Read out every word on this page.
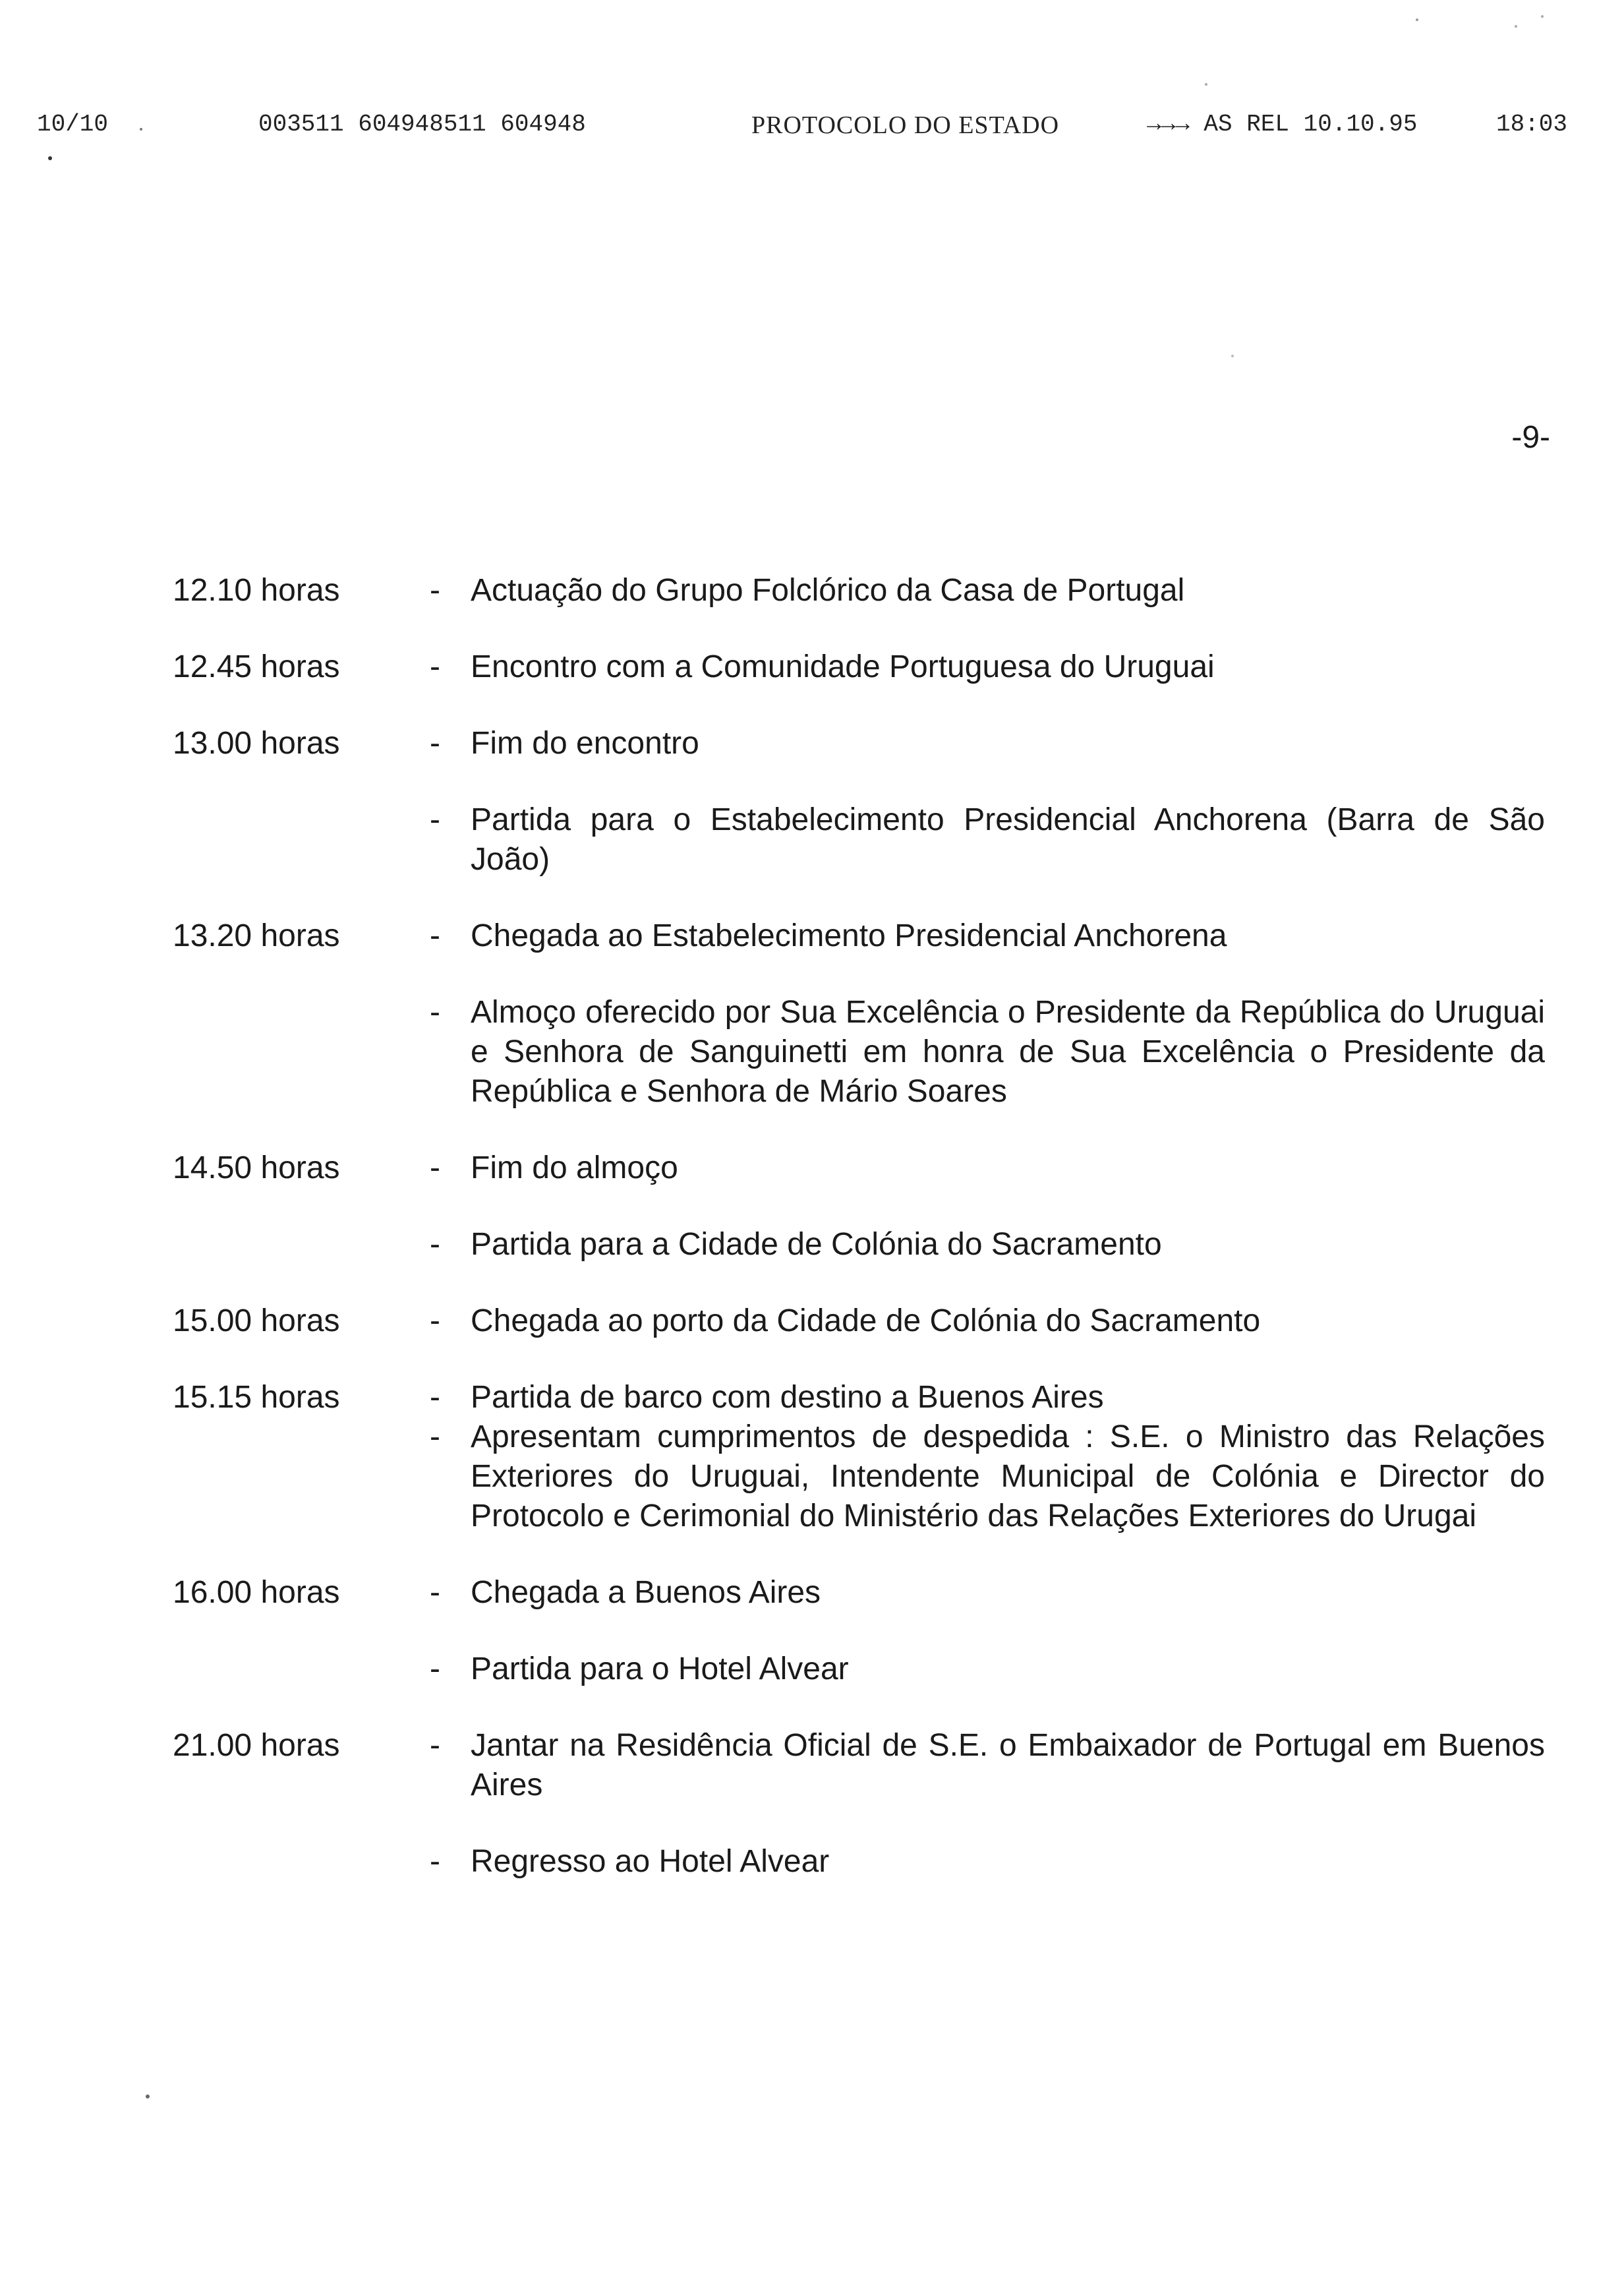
10/10	003511 604948511 604948	PROTOCOLO DO ESTADO	→→→ AS REL 10.10.95	18:03
-9-
12.10 horas	- Actuação do Grupo Folclórico da Casa de Portugal
12.45 horas	- Encontro com a Comunidade Portuguesa do Uruguai
13.00 horas	- Fim do encontro
- Partida para o Estabelecimento Presidencial Anchorena (Barra de São João)
13.20 horas	- Chegada ao Estabelecimento Presidencial Anchorena
- Almoço oferecido por Sua Excelência o Presidente da República do Uruguai e Senhora de Sanguinetti em honra de Sua Excelência o Presidente da República e Senhora de Mário Soares
14.50 horas	- Fim do almoço
- Partida para a Cidade de Colónia do Sacramento
15.00 horas	- Chegada ao porto da Cidade de Colónia do Sacramento
15.15 horas	- Partida de barco com destino a Buenos Aires
- Apresentam cumprimentos de despedida : S.E. o Ministro das Relações Exteriores do Uruguai, Intendente Municipal de Colónia e Director do Protocolo e Cerimonial do Ministério das Relações Exteriores do Urugai
16.00 horas	- Chegada a Buenos Aires
- Partida para o Hotel Alvear
21.00 horas	- Jantar na Residência Oficial de S.E. o Embaixador de Portugal em Buenos Aires
- Regresso ao Hotel Alvear
